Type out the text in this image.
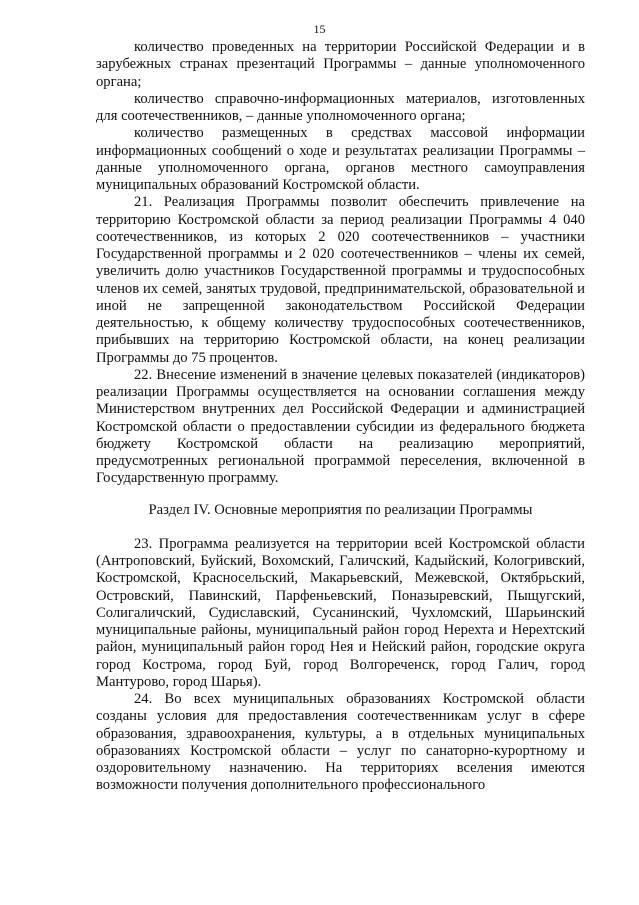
15

количество проведенных на территории Российской Федерации и в зарубежных странах презентаций Программы – данные уполномоченного органа;

количество справочно-информационных материалов, изготовленных для соотечественников, – данные уполномоченного органа;

количество размещенных в средствах массовой информации информационных сообщений о ходе и результатах реализации Программы – данные уполномоченного органа, органов местного самоуправления муниципальных образований Костромской области.

21. Реализация Программы позволит обеспечить привлечение на территорию Костромской области за период реализации Программы 4 040 соотечественников, из которых 2 020 соотечественников – участники Государственной программы и 2 020 соотечественников – члены их семей, увеличить долю участников Государственной программы и трудоспособных членов их семей, занятых трудовой, предпринимательской, образовательной и иной не запрещенной законодательством Российской Федерации деятельностью, к общему количеству трудоспособных соотечественников, прибывших на территорию Костромской области, на конец реализации Программы до 75 процентов.

22. Внесение изменений в значение целевых показателей (индикаторов) реализации Программы осуществляется на основании соглашения между Министерством внутренних дел Российской Федерации и администрацией Костромской области о предоставлении субсидии из федерального бюджета бюджету Костромской области на реализацию мероприятий, предусмотренных региональной программой переселения, включенной в Государственную программу.

Раздел IV. Основные мероприятия по реализации Программы

23. Программа реализуется на территории всей Костромской области (Антроповский, Буйский, Вохомский, Галичский, Кадыйский, Кологривский, Костромской, Красносельский, Макарьевский, Межевской, Октябрьский, Островский, Павинский, Парфеньевский, Поназыревский, Пыщугский, Солигаличский, Судиславский, Сусанинский, Чухломский, Шарьинский муниципальные районы, муниципальный район город Нерехта и Нерехтский район, муниципальный район город Нея и Нейский район, городские округа город Кострома, город Буй, город Волгореченск, город Галич, город Мантурово, город Шарья).

24. Во всех муниципальных образованиях Костромской области созданы условия для предоставления соотечественникам услуг в сфере образования, здравоохранения, культуры, а в отдельных муниципальных образованиях Костромской области – услуг по санаторно-курортному и оздоровительному назначению. На территориях вселения имеются возможности получения дополнительного профессионального
